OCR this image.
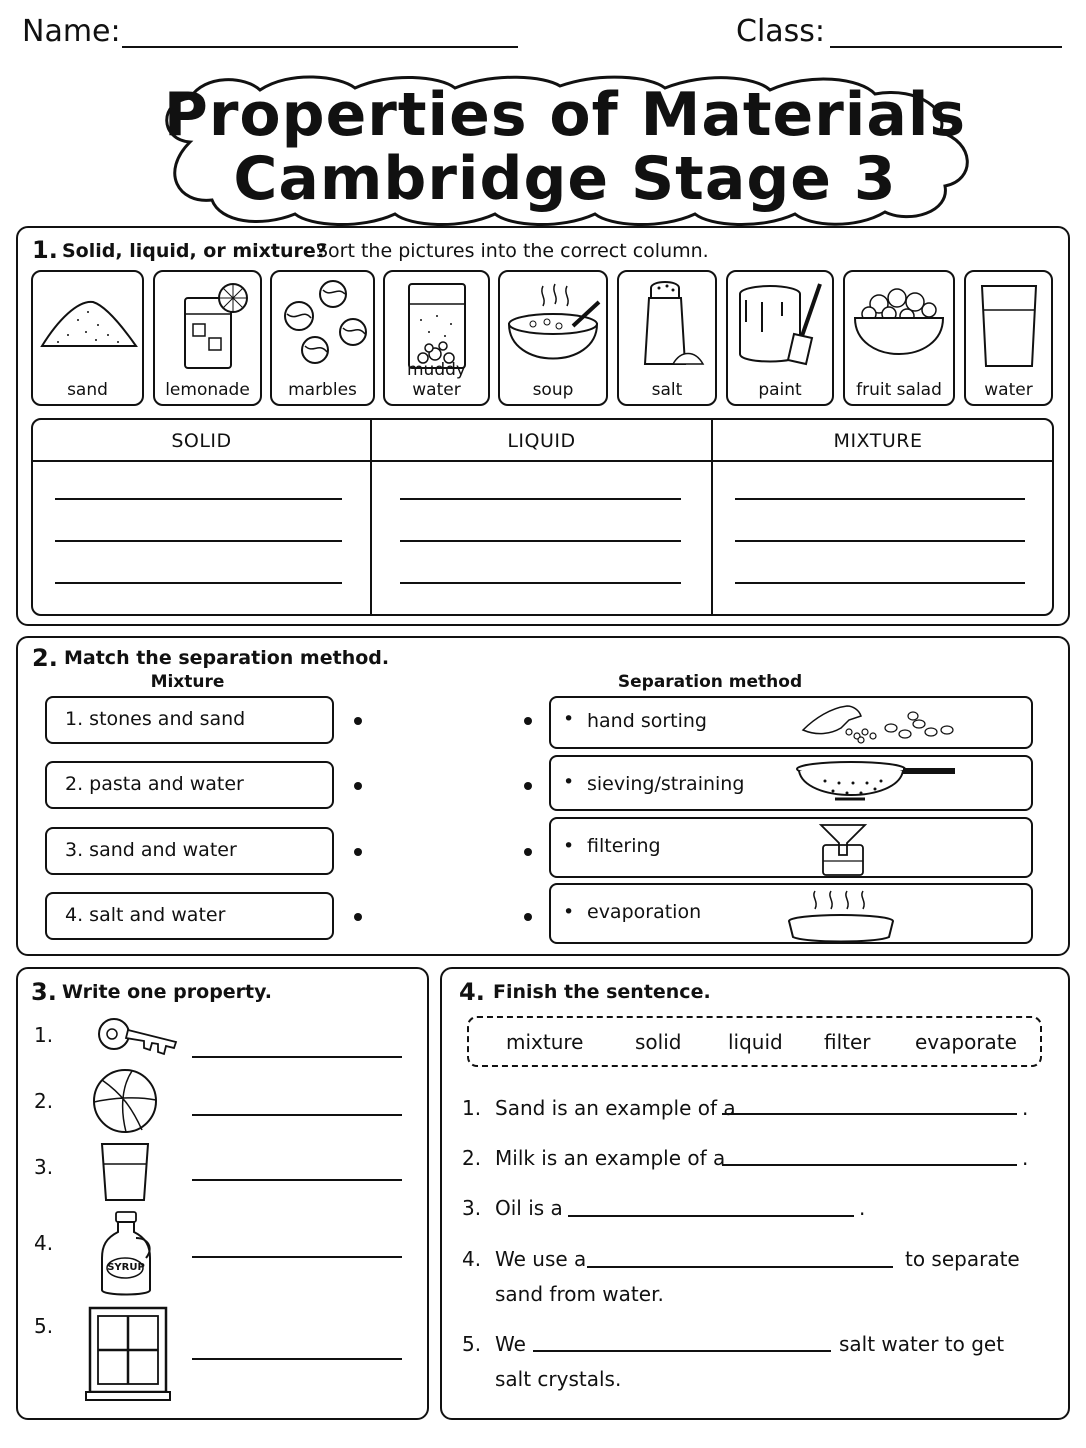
Name:	Class:
Properties of Materials
Cambridge Stage 3
1. Solid, liquid, or mixture?
Sort the pictures into the correct column.
sand	lemonade	marbles
muddy water	soup	salt	paint	fruit salad	water
SOLID	LIQUID	MIXTURE
2. Match the separation method.
Mixture	Separation method
1. stones and sand
2. pasta and water
3. sand and water
4. salt and water
• hand sorting
• sieving/straining
• filtering
• evaporation
3. Write one property.
1.
2.
3.
4.
SYRUP
5.
4. Finish the sentence.
mixture	solid liquid filter evaporate
1. Sand is an example of a	.
2. Milk is an example of a	.
3. Oil is a	.
4. We use a	to separate
sand from water.
5. We	salt water to get
salt crystals.
